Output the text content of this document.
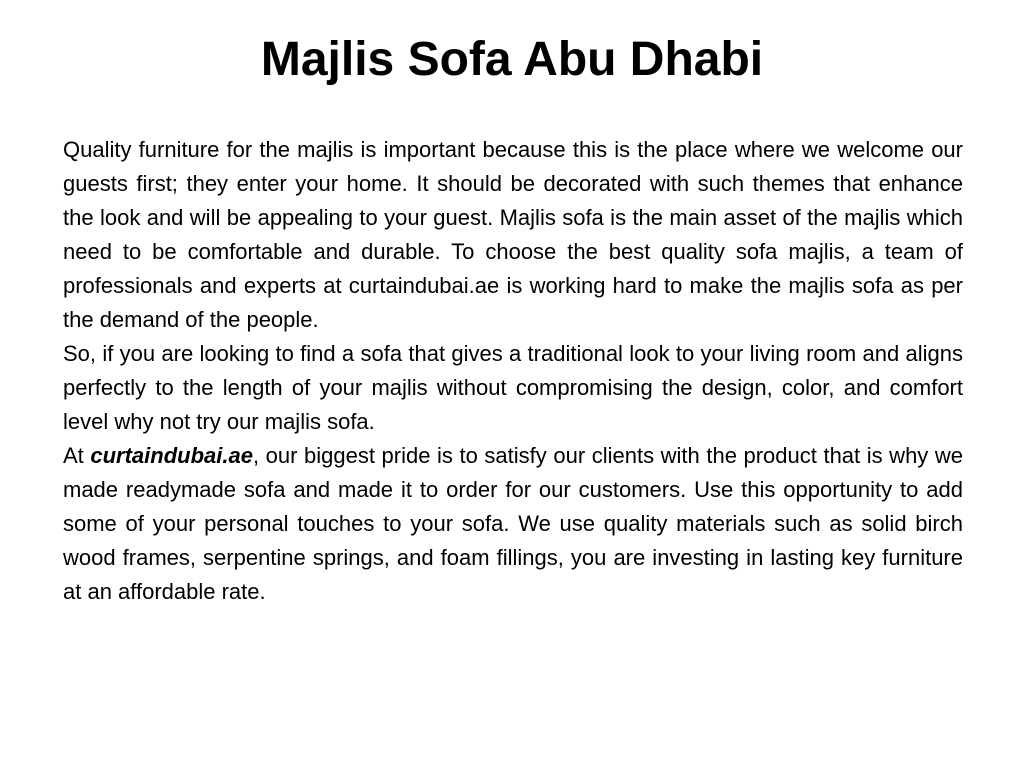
Majlis Sofa Abu Dhabi

Quality furniture for the majlis is important because this is the place where we welcome our guests first; they enter your home. It should be decorated with such themes that enhance the look and will be appealing to your guest. Majlis sofa is the main asset of the majlis which need to be comfortable and durable. To choose the best quality sofa majlis, a team of professionals and experts at curtaindubai.ae is working hard to make the majlis sofa as per the demand of the people.

So, if you are looking to find a sofa that gives a traditional look to your living room and aligns perfectly to the length of your majlis without compromising the design, color, and comfort level why not try our majlis sofa.
At curtaindubai.ae, our biggest pride is to satisfy our clients with the product that is why we made readymade sofa and made it to order for our customers. Use this opportunity to add some of your personal touches to your sofa. We use quality materials such as solid birch wood frames, serpentine springs, and foam fillings, you are investing in lasting key furniture at an affordable rate.
